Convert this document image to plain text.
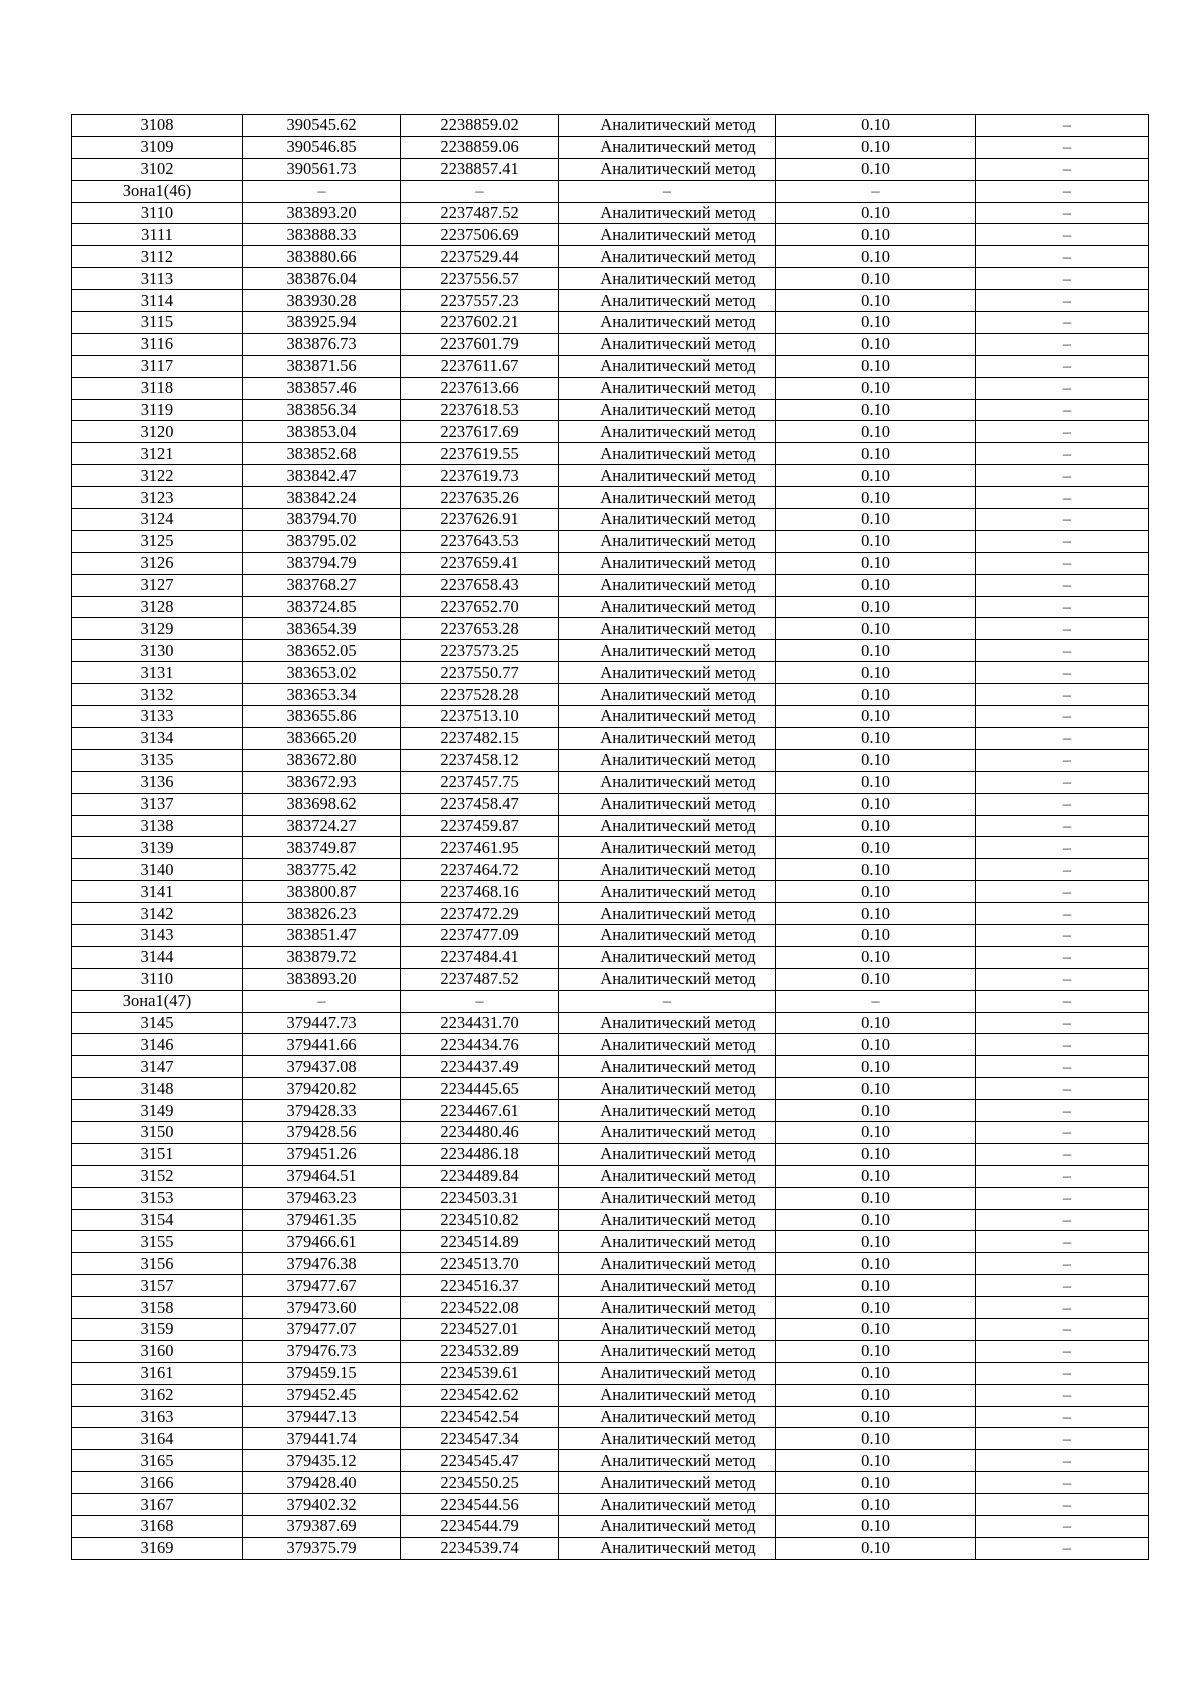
3108	390545.62	2238859.02	Аналитический метод	0.10	–
3109	390546.85	2238859.06	Аналитический метод	0.10	–
3102	390561.73	2238857.41	Аналитический метод	0.10	–
Зона1(46)	–	–	–	–	–
3110	383893.20	2237487.52	Аналитический метод	0.10	–
3111	383888.33	2237506.69	Аналитический метод	0.10	–
3112	383880.66	2237529.44	Аналитический метод	0.10	–
3113	383876.04	2237556.57	Аналитический метод	0.10	–
3114	383930.28	2237557.23	Аналитический метод	0.10	–
3115	383925.94	2237602.21	Аналитический метод	0.10	–
3116	383876.73	2237601.79	Аналитический метод	0.10	–
3117	383871.56	2237611.67	Аналитический метод	0.10	–
3118	383857.46	2237613.66	Аналитический метод	0.10	–
3119	383856.34	2237618.53	Аналитический метод	0.10	–
3120	383853.04	2237617.69	Аналитический метод	0.10	–
3121	383852.68	2237619.55	Аналитический метод	0.10	–
3122	383842.47	2237619.73	Аналитический метод	0.10	–
3123	383842.24	2237635.26	Аналитический метод	0.10	–
3124	383794.70	2237626.91	Аналитический метод	0.10	–
3125	383795.02	2237643.53	Аналитический метод	0.10	–
3126	383794.79	2237659.41	Аналитический метод	0.10	–
3127	383768.27	2237658.43	Аналитический метод	0.10	–
3128	383724.85	2237652.70	Аналитический метод	0.10	–
3129	383654.39	2237653.28	Аналитический метод	0.10	–
3130	383652.05	2237573.25	Аналитический метод	0.10	–
3131	383653.02	2237550.77	Аналитический метод	0.10	–
3132	383653.34	2237528.28	Аналитический метод	0.10	–
3133	383655.86	2237513.10	Аналитический метод	0.10	–
3134	383665.20	2237482.15	Аналитический метод	0.10	–
3135	383672.80	2237458.12	Аналитический метод	0.10	–
3136	383672.93	2237457.75	Аналитический метод	0.10	–
3137	383698.62	2237458.47	Аналитический метод	0.10	–
3138	383724.27	2237459.87	Аналитический метод	0.10	–
3139	383749.87	2237461.95	Аналитический метод	0.10	–
3140	383775.42	2237464.72	Аналитический метод	0.10	–
3141	383800.87	2237468.16	Аналитический метод	0.10	–
3142	383826.23	2237472.29	Аналитический метод	0.10	–
3143	383851.47	2237477.09	Аналитический метод	0.10	–
3144	383879.72	2237484.41	Аналитический метод	0.10	–
3110	383893.20	2237487.52	Аналитический метод	0.10	–
Зона1(47)	–	–	–	–	–
3145	379447.73	2234431.70	Аналитический метод	0.10	–
3146	379441.66	2234434.76	Аналитический метод	0.10	–
3147	379437.08	2234437.49	Аналитический метод	0.10	–
3148	379420.82	2234445.65	Аналитический метод	0.10	–
3149	379428.33	2234467.61	Аналитический метод	0.10	–
3150	379428.56	2234480.46	Аналитический метод	0.10	–
3151	379451.26	2234486.18	Аналитический метод	0.10	–
3152	379464.51	2234489.84	Аналитический метод	0.10	–
3153	379463.23	2234503.31	Аналитический метод	0.10	–
3154	379461.35	2234510.82	Аналитический метод	0.10	–
3155	379466.61	2234514.89	Аналитический метод	0.10	–
3156	379476.38	2234513.70	Аналитический метод	0.10	–
3157	379477.67	2234516.37	Аналитический метод	0.10	–
3158	379473.60	2234522.08	Аналитический метод	0.10	–
3159	379477.07	2234527.01	Аналитический метод	0.10	–
3160	379476.73	2234532.89	Аналитический метод	0.10	–
3161	379459.15	2234539.61	Аналитический метод	0.10	–
3162	379452.45	2234542.62	Аналитический метод	0.10	–
3163	379447.13	2234542.54	Аналитический метод	0.10	–
3164	379441.74	2234547.34	Аналитический метод	0.10	–
3165	379435.12	2234545.47	Аналитический метод	0.10	–
3166	379428.40	2234550.25	Аналитический метод	0.10	–
3167	379402.32	2234544.56	Аналитический метод	0.10	–
3168	379387.69	2234544.79	Аналитический метод	0.10	–
3169	379375.79	2234539.74	Аналитический метод	0.10	–
